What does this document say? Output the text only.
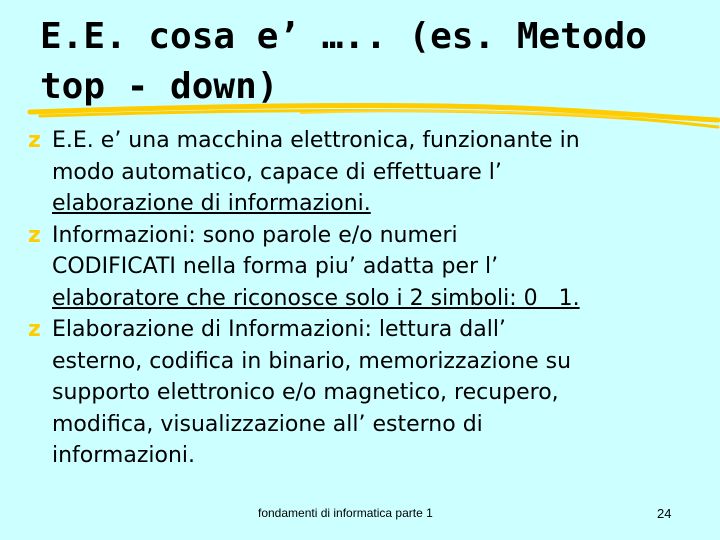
E.E. cosa e’ ….. (es. Metodo
top - down)
z E.E. e’ una macchina elettronica, funzionante in
modo automatico, capace di effettuare l’
elaborazione di informazioni.
z Informazioni: sono parole e/o numeri
CODIFICATI nella forma piu’ adatta per l’
elaboratore che riconosce solo i 2 simboli: 0   1.
z Elaborazione di Informazioni: lettura dall’
esterno, codifica in binario, memorizzazione su
supporto elettronico e/o magnetico, recupero,
modifica, visualizzazione all’ esterno di
informazioni.
fondamenti di informatica parte 1	24
